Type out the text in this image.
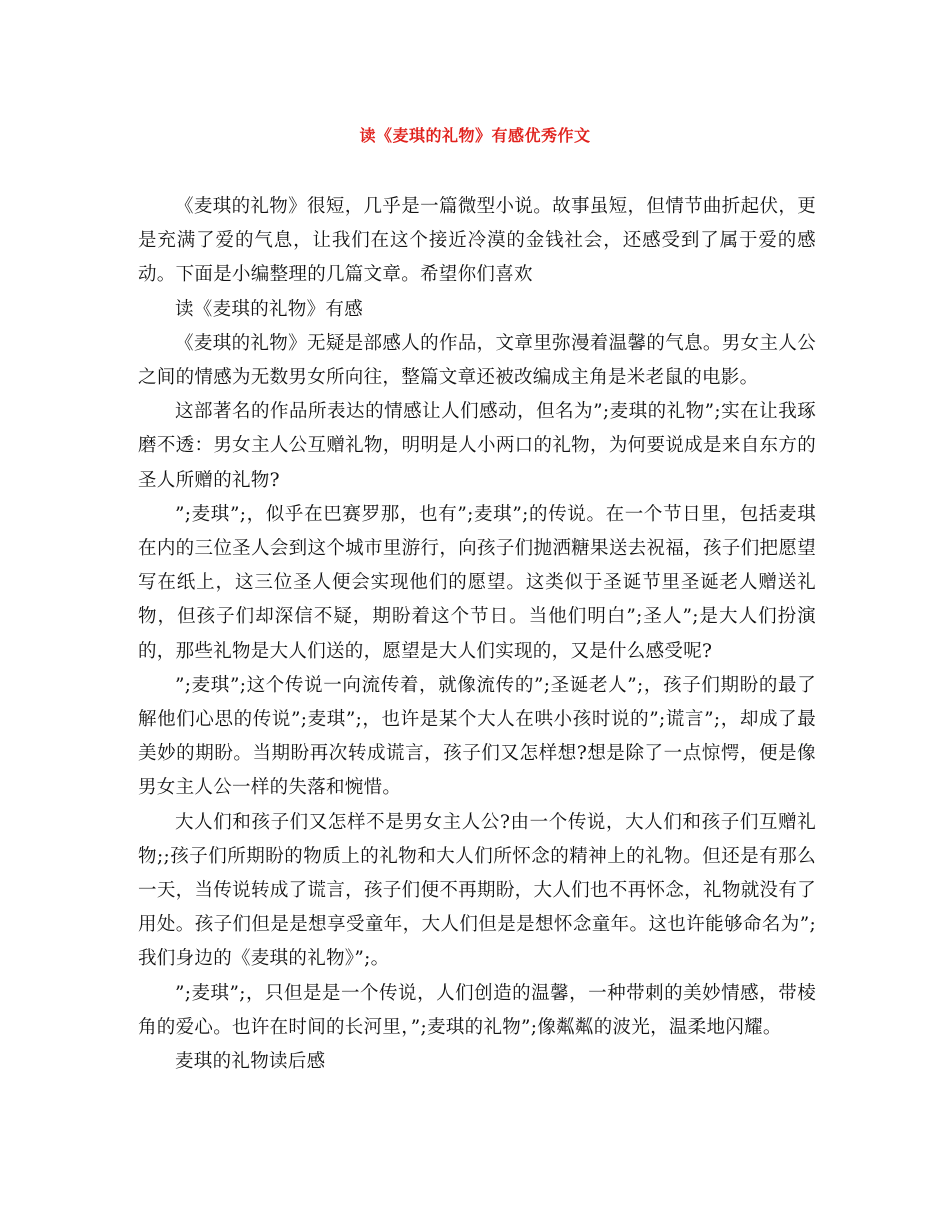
读《麦琪的礼物》有感优秀作文

《麦琪的礼物》很短，几乎是一篇微型小说。故事虽短，但情节曲折起伏，更是充满了爱的气息，让我们在这个接近冷漠的金钱社会，还感受到了属于爱的感动。下面是小编整理的几篇文章。希望你们喜欢

读《麦琪的礼物》有感

《麦琪的礼物》无疑是部感人的作品，文章里弥漫着温馨的气息。男女主人公之间的情感为无数男女所向往，整篇文章还被改编成主角是米老鼠的电影。

这部著名的作品所表达的情感让人们感动，但名为”;麦琪的礼物”;实在让我琢磨不透：男女主人公互赠礼物，明明是人小两口的礼物，为何要说成是来自东方的圣人所赠的礼物?

”;麦琪”;，似乎在巴赛罗那，也有”;麦琪”;的传说。在一个节日里，包括麦琪在内的三位圣人会到这个城市里游行，向孩子们抛洒糖果送去祝福，孩子们把愿望写在纸上，这三位圣人便会实现他们的愿望。这类似于圣诞节里圣诞老人赠送礼物，但孩子们却深信不疑，期盼着这个节日。当他们明白”;圣人”;是大人们扮演的，那些礼物是大人们送的，愿望是大人们实现的，又是什么感受呢?

”;麦琪”;这个传说一向流传着，就像流传的”;圣诞老人”;，孩子们期盼的最了解他们心思的传说”;麦琪”;，也许是某个大人在哄小孩时说的”;谎言”;，却成了最美妙的期盼。当期盼再次转成谎言，孩子们又怎样想?想是除了一点惊愕，便是像男女主人公一样的失落和惋惜。

大人们和孩子们又怎样不是男女主人公?由一个传说，大人们和孩子们互赠礼物;;孩子们所期盼的物质上的礼物和大人们所怀念的精神上的礼物。但还是有那么一天，当传说转成了谎言，孩子们便不再期盼，大人们也不再怀念，礼物就没有了用处。孩子们但是是想享受童年，大人们但是是想怀念童年。这也许能够命名为”;我们身边的《麦琪的礼物》”;。

”;麦琪”;，只但是是一个传说，人们创造的温馨，一种带刺的美妙情感，带棱角的爱心。也许在时间的长河里，”;麦琪的礼物”;像粼粼的波光，温柔地闪耀。

麦琪的礼物读后感
